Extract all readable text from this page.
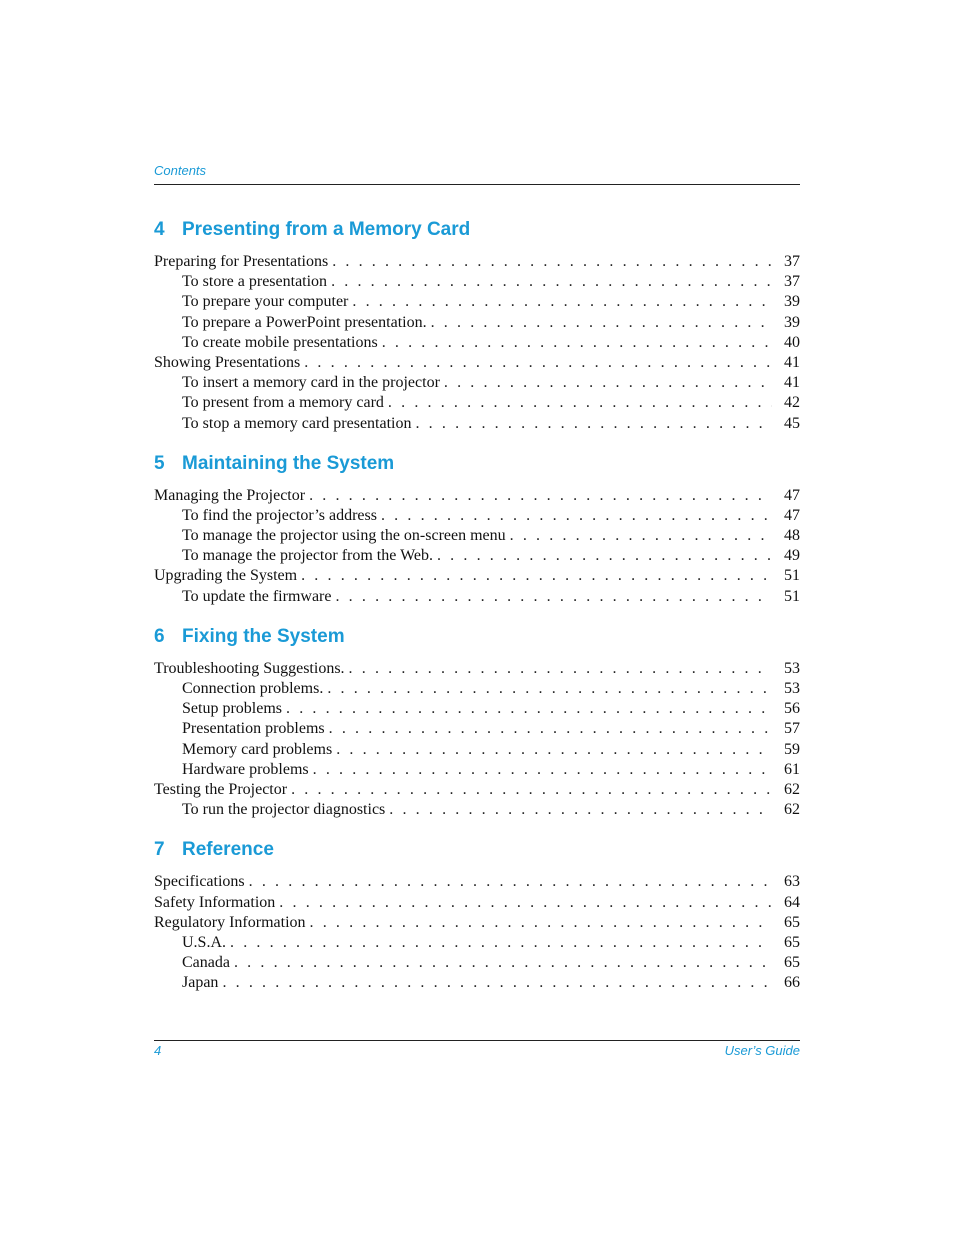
Contents
4 Presenting from a Memory Card
Preparing for Presentations . . .	37
To store a presentation . . .	37
To prepare your computer . . .	39
To prepare a PowerPoint presentation. . . .	39
To create mobile presentations . . .	40
Showing Presentations . . .	41
To insert a memory card in the projector . . .	41
To present from a memory card . . .	42
To stop a memory card presentation . . .	45
5 Maintaining the System
Managing the Projector . . .	47
To find the projector’s address . . .	47
To manage the projector using the on-screen menu . . .	48
To manage the projector from the Web. . . .	49
Upgrading the System . . .	51
To update the firmware . . .	51
6 Fixing the System
Troubleshooting Suggestions. . . .	53
Connection problems. . . .	53
Setup problems . . .	56
Presentation problems . . .	57
Memory card problems . . .	59
Hardware problems . . .	61
Testing the Projector . . .	62
To run the projector diagnostics . . .	62
7 Reference
Specifications . . .	63
Safety Information . . .	64
Regulatory Information . . .	65
U.S.A. . . .	65
Canada . . .	65
Japan . . .	66
4	User’s Guide
